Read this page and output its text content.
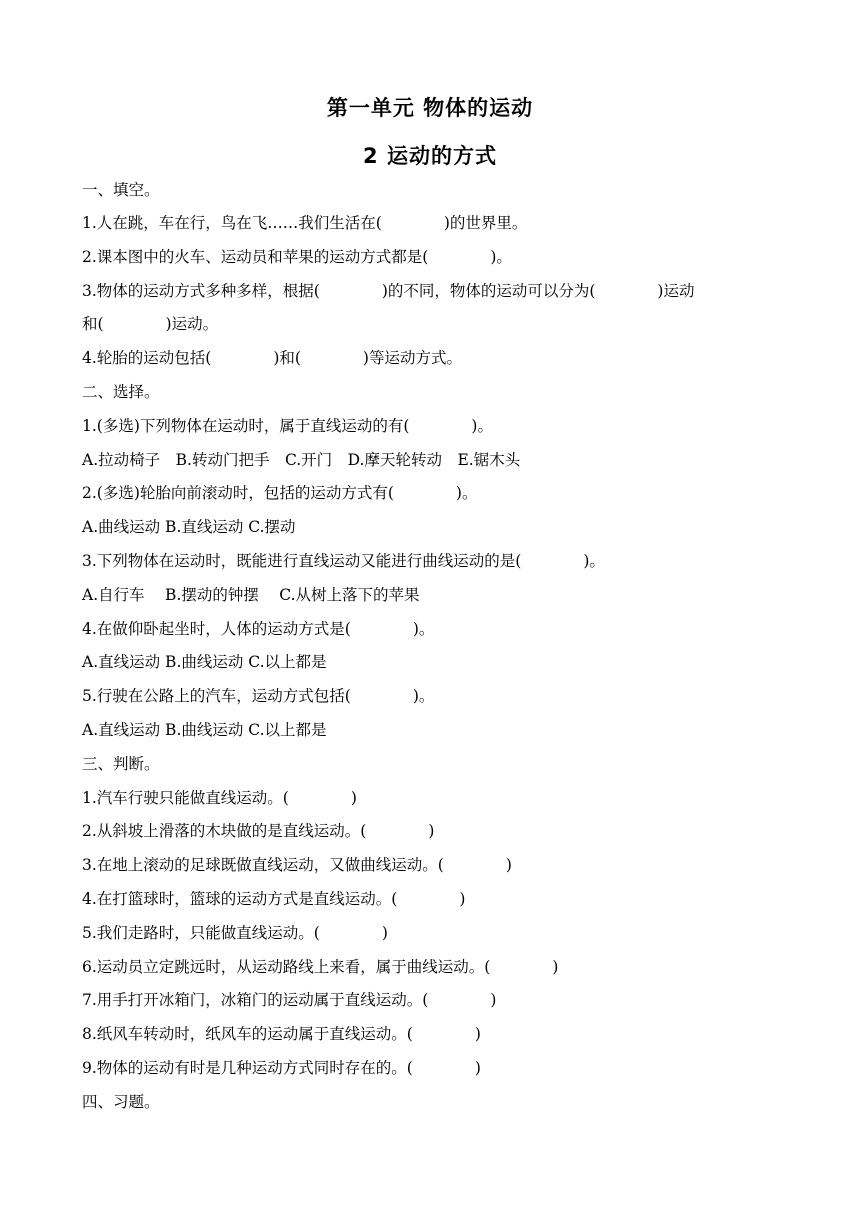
第一单元 物体的运动
2 运动的方式
一、填空。
1.人在跳，车在行，鸟在飞……我们生活在(　　　　)的世界里。
2.课本图中的火车、运动员和苹果的运动方式都是(　　　　)。
3.物体的运动方式多种多样，根据(　　　　)的不同，物体的运动可以分为(　　　　)运动
和(　　　　)运动。
4.轮胎的运动包括(　　　　)和(　　　　)等运动方式。
二、选择。
1.(多选)下列物体在运动时，属于直线运动的有(　　　　)。
A.拉动椅子　B.转动门把手　C.开门　D.摩天轮转动　E.锯木头
2.(多选)轮胎向前滚动时，包括的运动方式有(　　　　)。
A.曲线运动 B.直线运动 C.摆动
3.下列物体在运动时，既能进行直线运动又能进行曲线运动的是(　　　　)。
A.自行车　 B.摆动的钟摆　 C.从树上落下的苹果
4.在做仰卧起坐时，人体的运动方式是(　　　　)。
A.直线运动 B.曲线运动 C.以上都是
5.行驶在公路上的汽车，运动方式包括(　　　　)。
A.直线运动 B.曲线运动 C.以上都是
三、判断。
1.汽车行驶只能做直线运动。(　　　　)
2.从斜坡上滑落的木块做的是直线运动。(　　　　)
3.在地上滚动的足球既做直线运动，又做曲线运动。(　　　　)
4.在打篮球时，篮球的运动方式是直线运动。(　　　　)
5.我们走路时，只能做直线运动。(　　　　)
6.运动员立定跳远时，从运动路线上来看，属于曲线运动。(　　　　)
7.用手打开冰箱门，冰箱门的运动属于直线运动。(　　　　)
8.纸风车转动时，纸风车的运动属于直线运动。(　　　　)
9.物体的运动有时是几种运动方式同时存在的。(　　　　)
四、习题。
